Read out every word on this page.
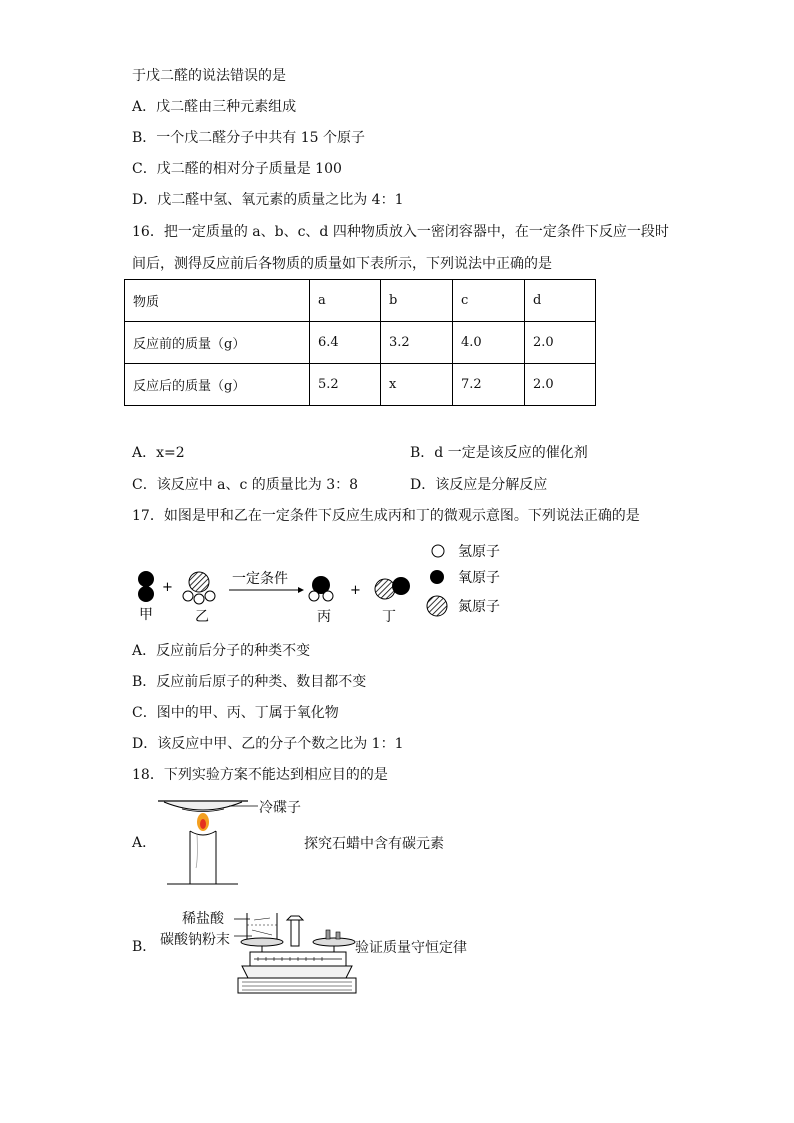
于戊二醛的说法错误的是
A．戊二醛由三种元素组成
B．一个戊二醛分子中共有 15 个原子
C．戊二醛的相对分子质量是 100
D．戊二醛中氢、氧元素的质量之比为 4：1
16．把一定质量的 a、b、c、d 四种物质放入一密闭容器中，在一定条件下反应一段时
间后，测得反应前后各物质的质量如下表所示，下列说法中正确的是
物质	a	b	c	d
反应前的质量（g）	6.4	3.2	4.0	2.0
反应后的质量（g）	5.2	x	7.2	2.0
A．x=2	B．d 一定是该反应的催化剂
C．该反应中 a、c 的质量比为 3：8	D．该反应是分解反应
17．如图是甲和乙在一定条件下反应生成丙和丁的微观示意图。下列说法正确的是
+
一定条件
+
甲	乙	丙	丁
氢原子
氧原子
氮原子
A．反应前后分子的种类不变
B．反应前后原子的种类、数目都不变
C．图中的甲、丙、丁属于氧化物
D．该反应中甲、乙的分子个数之比为 1：1
18．下列实验方案不能达到相应目的的是
冷碟子
A．	探究石蜡中含有碳元素
稀盐酸
碳酸钠粉末
B．	验证质量守恒定律
